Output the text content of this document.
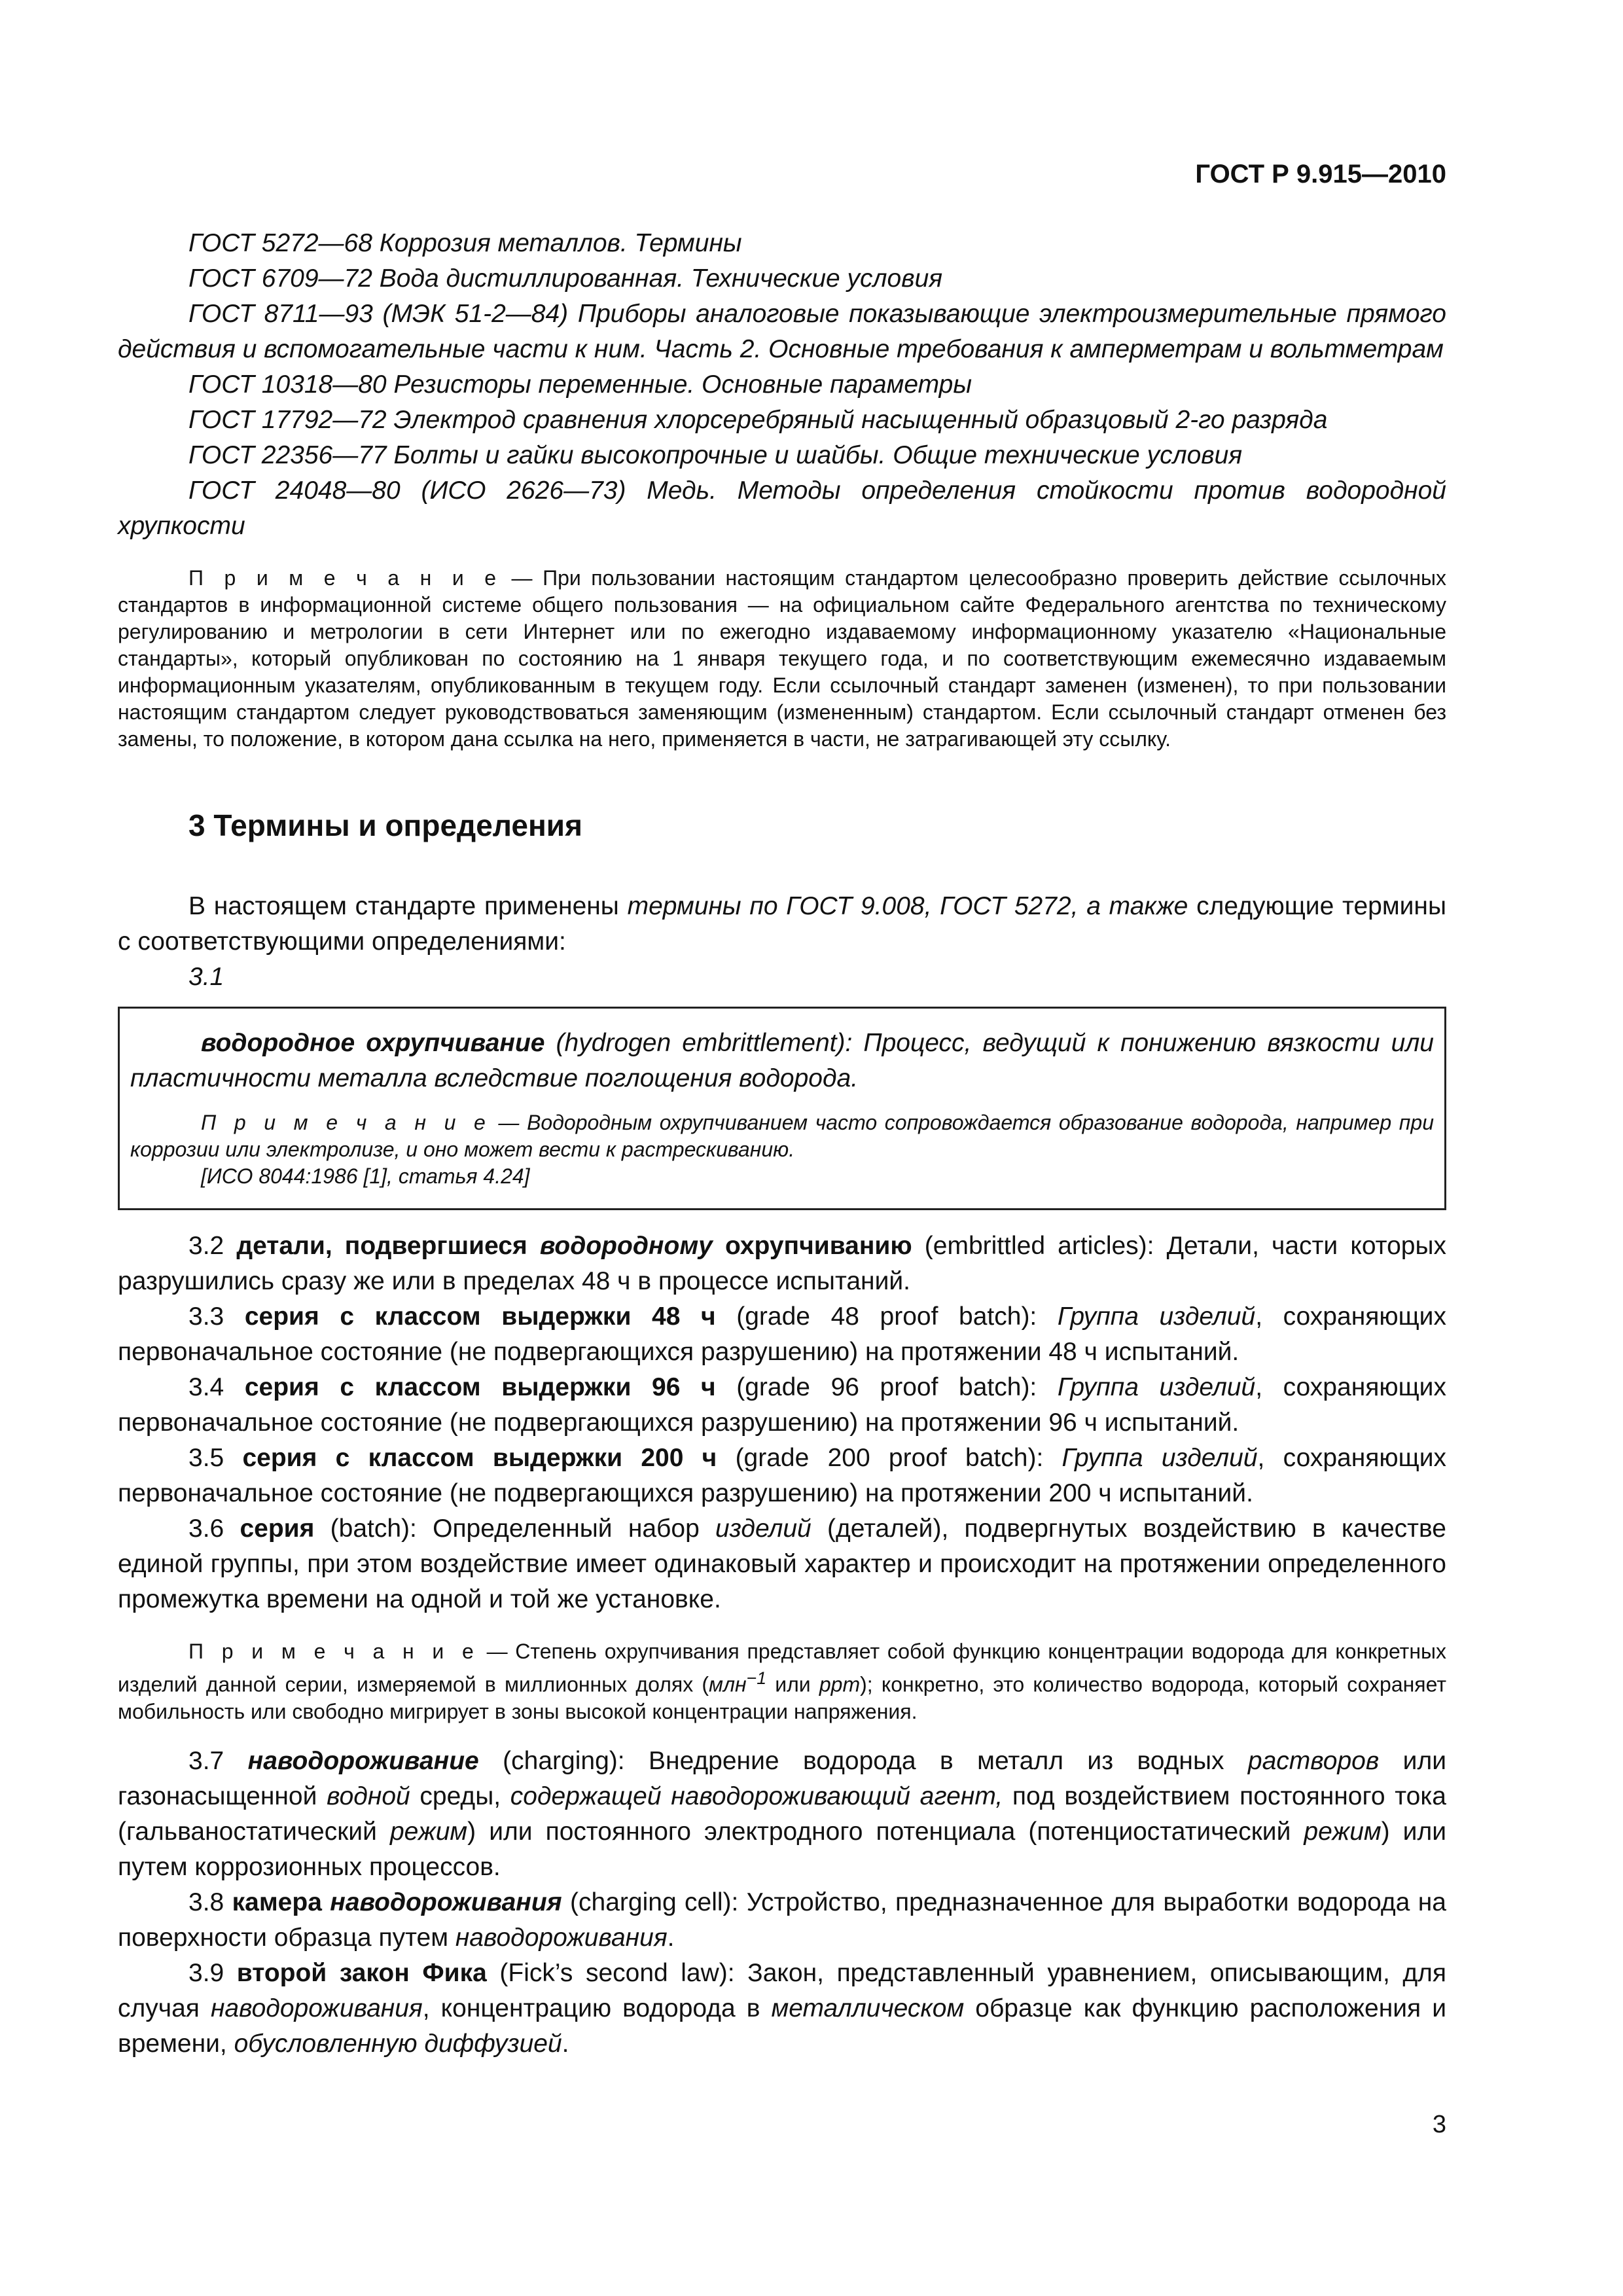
ГОСТ Р 9.915—2010

ГОСТ 5272—68 Коррозия металлов. Термины

ГОСТ 6709—72 Вода дистиллированная. Технические условия

ГОСТ 8711—93 (МЭК 51-2—84) Приборы аналоговые показывающие электроизмерительные прямого действия и вспомогательные части к ним. Часть 2. Основные требования к амперметрам и вольтметрам

ГОСТ 10318—80 Резисторы переменные. Основные параметры

ГОСТ 17792—72 Электрод сравнения хлорсеребряный насыщенный образцовый 2-го разряда

ГОСТ 22356—77 Болты и гайки высокопрочные и шайбы. Общие технические условия

ГОСТ 24048—80 (ИСО 2626—73) Медь. Методы определения стойкости против водородной хрупкости

П р и м е ч а н и е — При пользовании настоящим стандартом целесообразно проверить действие ссылочных стандартов в информационной системе общего пользования — на официальном сайте Федерального агентства по техническому регулированию и метрологии в сети Интернет или по ежегодно издаваемому информационному указателю «Национальные стандарты», который опубликован по состоянию на 1 января текущего года, и по соответствующим ежемесячно издаваемым информационным указателям, опубликованным в текущем году. Если ссылочный стандарт заменен (изменен), то при пользовании настоящим стандартом следует руководствоваться заменяющим (измененным) стандартом. Если ссылочный стандарт отменен без замены, то положение, в котором дана ссылка на него, применяется в части, не затрагивающей эту ссылку.

3 Термины и определения

В настоящем стандарте применены термины по ГОСТ 9.008, ГОСТ 5272, а также следующие термины с соответствующими определениями:

3.1

водородное охрупчивание (hydrogen embrittlement): Процесс, ведущий к понижению вязкости или пластичности металла вследствие поглощения водорода.

П р и м е ч а н и е — Водородным охрупчиванием часто сопровождается образование водорода, например при коррозии или электролизе, и оно может вести к растрескиванию.

[ИСО 8044:1986 [1], статья 4.24]

3.2 детали, подвергшиеся водородному охрупчиванию (embrittled articles): Детали, части которых разрушились сразу же или в пределах 48 ч в процессе испытаний.

3.3 серия с классом выдержки 48 ч (grade 48 proof batch): Группа изделий, сохраняющих первоначальное состояние (не подвергающихся разрушению) на протяжении 48 ч испытаний.

3.4 серия с классом выдержки 96 ч (grade 96 proof batch): Группа изделий, сохраняющих первоначальное состояние (не подвергающихся разрушению) на протяжении 96 ч испытаний.

3.5 серия с классом выдержки 200 ч (grade 200 proof batch): Группа изделий, сохраняющих первоначальное состояние (не подвергающихся разрушению) на протяжении 200 ч испытаний.

3.6 серия (batch): Определенный набор изделий (деталей), подвергнутых воздействию в качестве единой группы, при этом воздействие имеет одинаковый характер и происходит на протяжении определенного промежутка времени на одной и той же установке.

П р и м е ч а н и е — Степень охрупчивания представляет собой функцию концентрации водорода для конкретных изделий данной серии, измеряемой в миллионных долях (млн$^{-1}$ или ppm); конкретно, это количество водорода, который сохраняет мобильность или свободно мигрирует в зоны высокой концентрации напряжения.

3.7 наводороживание (charging): Внедрение водорода в металл из водных растворов или газонасыщенной водной среды, содержащей наводороживающий агент, под воздействием постоянного тока (гальваностатический режим) или постоянного электродного потенциала (потенциостатический режим) или путем коррозионных процессов.

3.8 камера наводороживания (charging cell): Устройство, предназначенное для выработки водорода на поверхности образца путем наводороживания.

3.9 второй закон Фика (Fick’s second law): Закон, представленный уравнением, описывающим, для случая наводороживания, концентрацию водорода в металлическом образце как функцию расположения и времени, обусловленную диффузией.

3
